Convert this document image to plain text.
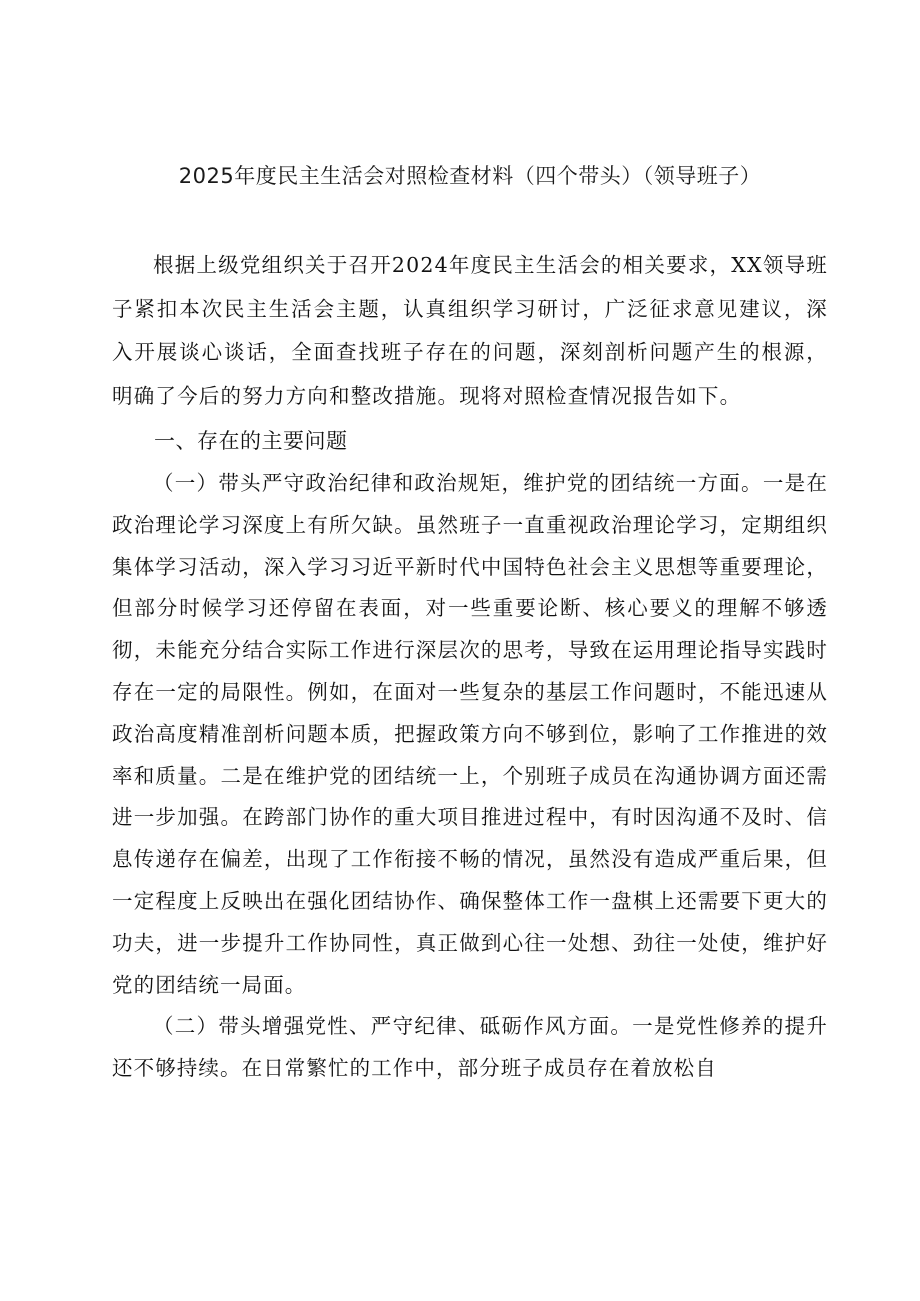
2025年度民主生活会对照检查材料（四个带头）（领导班子）

根据上级党组织关于召开2024年度民主生活会的相关要求，XX领导班子紧扣本次民主生活会主题，认真组织学习研讨，广泛征求意见建议，深入开展谈心谈话，全面查找班子存在的问题，深刻剖析问题产生的根源，明确了今后的努力方向和整改措施。现将对照检查情况报告如下。

一、存在的主要问题

（一）带头严守政治纪律和政治规矩，维护党的团结统一方面。一是在政治理论学习深度上有所欠缺。虽然班子一直重视政治理论学习，定期组织集体学习活动，深入学习习近平新时代中国特色社会主义思想等重要理论，但部分时候学习还停留在表面，对一些重要论断、核心要义的理解不够透彻，未能充分结合实际工作进行深层次的思考，导致在运用理论指导实践时存在一定的局限性。例如，在面对一些复杂的基层工作问题时，不能迅速从政治高度精准剖析问题本质，把握政策方向不够到位，影响了工作推进的效率和质量。二是在维护党的团结统一上，个别班子成员在沟通协调方面还需进一步加强。在跨部门协作的重大项目推进过程中，有时因沟通不及时、信息传递存在偏差，出现了工作衔接不畅的情况，虽然没有造成严重后果，但一定程度上反映出在强化团结协作、确保整体工作一盘棋上还需要下更大的功夫，进一步提升工作协同性，真正做到心往一处想、劲往一处使，维护好党的团结统一局面。

（二）带头增强党性、严守纪律、砥砺作风方面。一是党性修养的提升还不够持续。在日常繁忙的工作中，部分班子成员存在着放松自
